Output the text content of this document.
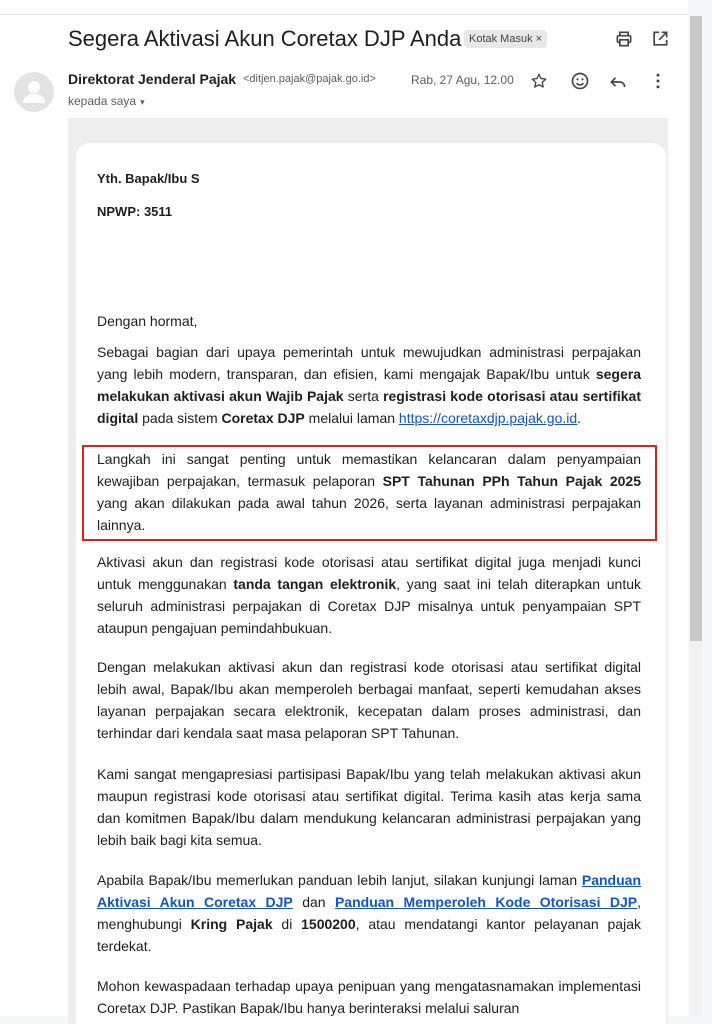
Segera Aktivasi Akun Coretax DJP Anda Kotak Masuk ×
Direktorat Jenderal Pajak <ditjen.pajak@pajak.go.id>	Rab, 27 Agu, 12.00
kepada saya ▾
Yth. Bapak/Ibu S
NPWP: 3511

Dengan hormat,

Sebagai bagian dari upaya pemerintah untuk mewujudkan administrasi perpajakan yang lebih modern, transparan, dan efisien, kami mengajak Bapak/Ibu untuk segera melakukan aktivasi akun Wajib Pajak serta registrasi kode otorisasi atau sertifikat digital pada sistem Coretax DJP melalui laman https://coretaxdjp.pajak.go.id.

Langkah ini sangat penting untuk memastikan kelancaran dalam penyampaian kewajiban perpajakan, termasuk pelaporan SPT Tahunan PPh Tahun Pajak 2025 yang akan dilakukan pada awal tahun 2026, serta layanan administrasi perpajakan lainnya.

Aktivasi akun dan registrasi kode otorisasi atau sertifikat digital juga menjadi kunci untuk menggunakan tanda tangan elektronik, yang saat ini telah diterapkan untuk seluruh administrasi perpajakan di Coretax DJP misalnya untuk penyampaian SPT ataupun pengajuan pemindahbukuan.

Dengan melakukan aktivasi akun dan registrasi kode otorisasi atau sertifikat digital lebih awal, Bapak/Ibu akan memperoleh berbagai manfaat, seperti kemudahan akses layanan perpajakan secara elektronik, kecepatan dalam proses administrasi, dan terhindar dari kendala saat masa pelaporan SPT Tahunan.

Kami sangat mengapresiasi partisipasi Bapak/Ibu yang telah melakukan aktivasi akun maupun registrasi kode otorisasi atau sertifikat digital. Terima kasih atas kerja sama dan komitmen Bapak/Ibu dalam mendukung kelancaran administrasi perpajakan yang lebih baik bagi kita semua.

Apabila Bapak/Ibu memerlukan panduan lebih lanjut, silakan kunjungi laman Panduan Aktivasi Akun Coretax DJP dan Panduan Memperoleh Kode Otorisasi DJP, menghubungi Kring Pajak di 1500200, atau mendatangi kantor pelayanan pajak terdekat.

Mohon kewaspadaan terhadap upaya penipuan yang mengatasnamakan implementasi Coretax DJP. Pastikan Bapak/Ibu hanya berinteraksi melalui saluran
